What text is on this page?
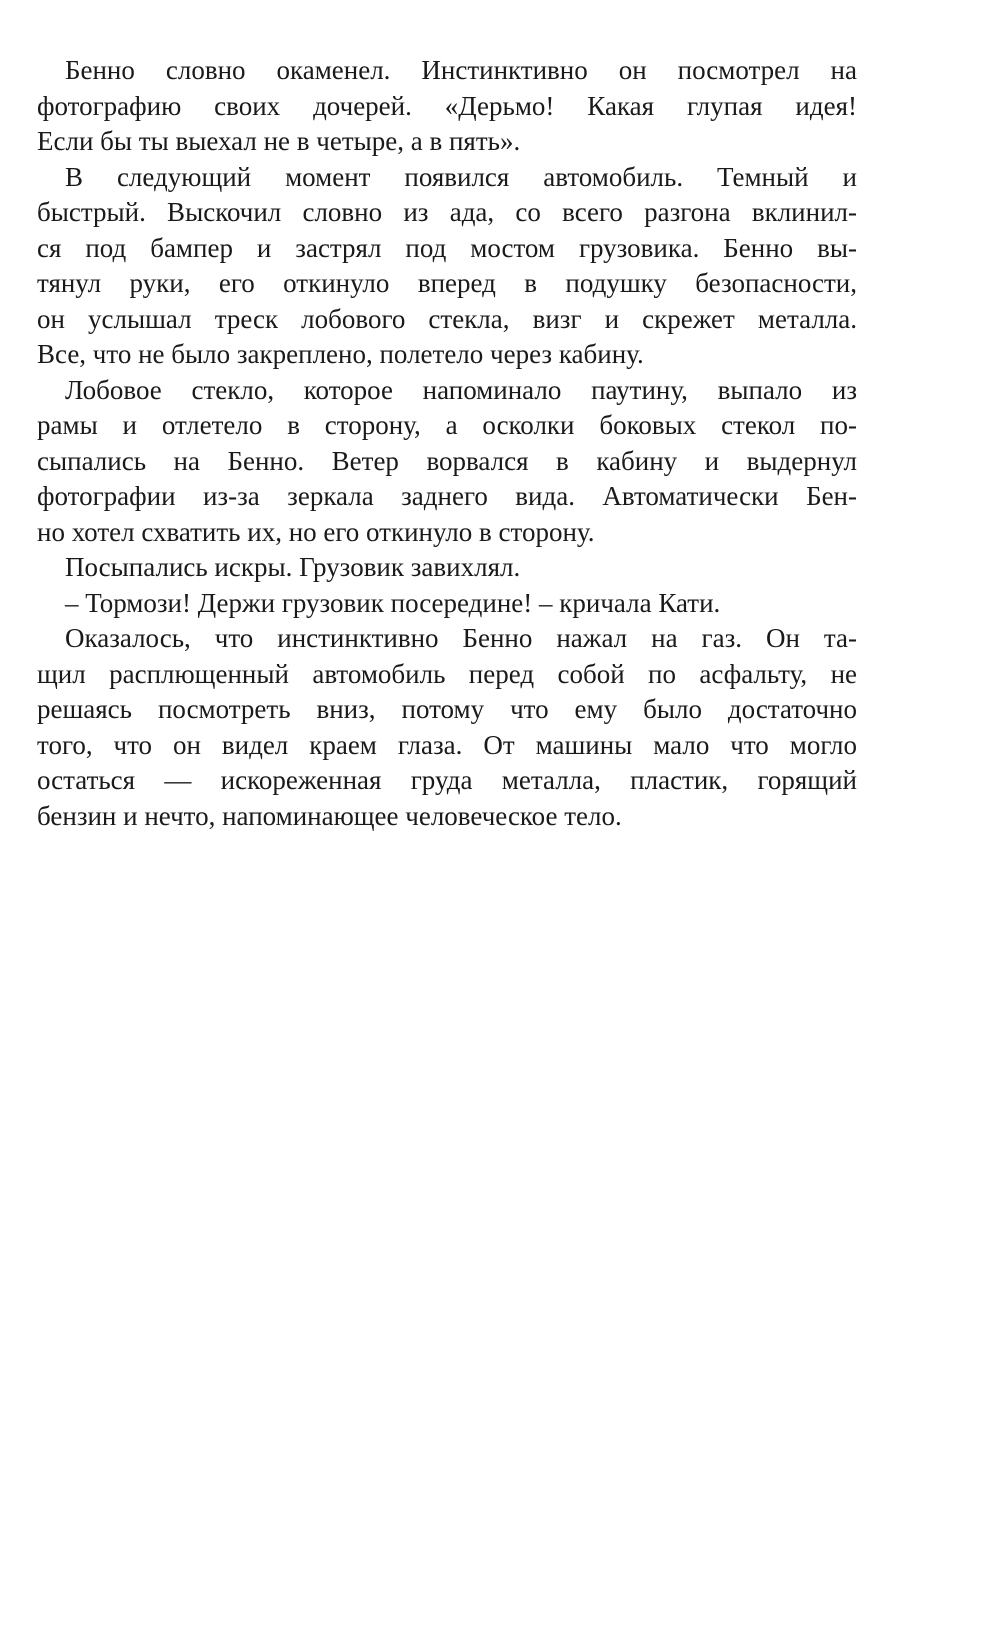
Бенно словно окаменел. Инстинктивно он посмотрел на
фотографию своих дочерей. «Дерьмо! Какая глупая идея!
Если бы ты выехал не в четыре, а в пять».
В следующий момент появился автомобиль. Темный и
быстрый. Выскочил словно из ада, со всего разгона вклинил-
ся под бампер и застрял под мостом грузовика. Бенно вы-
тянул руки, его откинуло вперед в подушку безопасности,
он услышал треск лобового стекла, визг и скрежет металла.
Все, что не было закреплено, полетело через кабину.
Лобовое стекло, которое напоминало паутину, выпало из
рамы и отлетело в сторону, а осколки боковых стекол по-
сыпались на Бенно. Ветер ворвался в кабину и выдернул
фотографии из-за зеркала заднего вида. Автоматически Бен-
но хотел схватить их, но его откинуло в сторону.
Посыпались искры. Грузовик завихлял.
– Тормози! Держи грузовик посередине! – кричала Кати.
Оказалось, что инстинктивно Бенно нажал на газ. Он та-
щил расплющенный автомобиль перед собой по асфальту, не
решаясь посмотреть вниз, потому что ему было достаточно
того, что он видел краем глаза. От машины мало что могло
остаться — искореженная груда металла, пластик, горящий
бензин и нечто, напоминающее человеческое тело.
